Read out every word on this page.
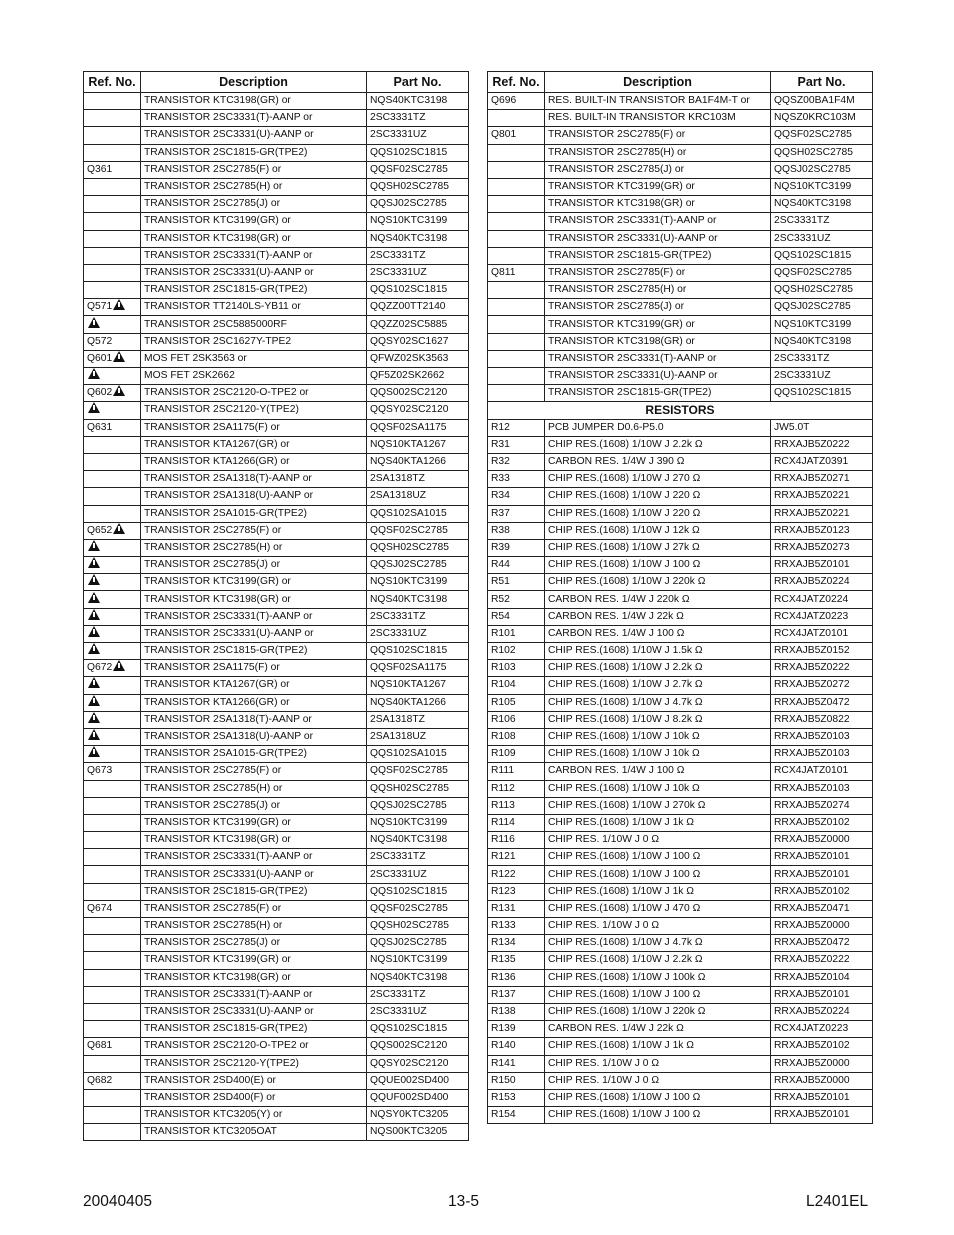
Ref. No.	Description	Part No.
	TRANSISTOR KTC3198(GR) or	NQS40KTC3198
	TRANSISTOR 2SC3331(T)-AANP or	2SC3331TZ
	TRANSISTOR 2SC3331(U)-AANP or	2SC3331UZ
	TRANSISTOR 2SC1815-GR(TPE2)	QQS102SC1815
Q361	TRANSISTOR 2SC2785(F) or	QQSF02SC2785
	TRANSISTOR 2SC2785(H) or	QQSH02SC2785
	TRANSISTOR 2SC2785(J) or	QQSJ02SC2785
	TRANSISTOR KTC3199(GR) or	NQS10KTC3199
	TRANSISTOR KTC3198(GR) or	NQS40KTC3198
	TRANSISTOR 2SC3331(T)-AANP or	2SC3331TZ
	TRANSISTOR 2SC3331(U)-AANP or	2SC3331UZ
	TRANSISTOR 2SC1815-GR(TPE2)	QQS102SC1815
Q571	TRANSISTOR TT2140LS-YB11 or	QQZZ00TT2140
	TRANSISTOR 2SC5885000RF	QQZZ02SC5885
Q572	TRANSISTOR 2SC1627Y-TPE2	QQSY02SC1627
Q601	MOS FET 2SK3563 or	QFWZ02SK3563
	MOS FET 2SK2662	QF5Z02SK2662
Q602	TRANSISTOR 2SC2120-O-TPE2 or	QQS002SC2120
	TRANSISTOR 2SC2120-Y(TPE2)	QQSY02SC2120
Q631	TRANSISTOR 2SA1175(F) or	QQSF02SA1175
	TRANSISTOR KTA1267(GR) or	NQS10KTA1267
	TRANSISTOR KTA1266(GR) or	NQS40KTA1266
	TRANSISTOR 2SA1318(T)-AANP or	2SA1318TZ
	TRANSISTOR 2SA1318(U)-AANP or	2SA1318UZ
	TRANSISTOR 2SA1015-GR(TPE2)	QQS102SA1015
Q652	TRANSISTOR 2SC2785(F) or	QQSF02SC2785
	TRANSISTOR 2SC2785(H) or	QQSH02SC2785
	TRANSISTOR 2SC2785(J) or	QQSJ02SC2785
	TRANSISTOR KTC3199(GR) or	NQS10KTC3199
	TRANSISTOR KTC3198(GR) or	NQS40KTC3198
	TRANSISTOR 2SC3331(T)-AANP or	2SC3331TZ
	TRANSISTOR 2SC3331(U)-AANP or	2SC3331UZ
	TRANSISTOR 2SC1815-GR(TPE2)	QQS102SC1815
Q672	TRANSISTOR 2SA1175(F) or	QQSF02SA1175
	TRANSISTOR KTA1267(GR) or	NQS10KTA1267
	TRANSISTOR KTA1266(GR) or	NQS40KTA1266
	TRANSISTOR 2SA1318(T)-AANP or	2SA1318TZ
	TRANSISTOR 2SA1318(U)-AANP or	2SA1318UZ
	TRANSISTOR 2SA1015-GR(TPE2)	QQS102SA1015
Q673	TRANSISTOR 2SC2785(F) or	QQSF02SC2785
	TRANSISTOR 2SC2785(H) or	QQSH02SC2785
	TRANSISTOR 2SC2785(J) or	QQSJ02SC2785
	TRANSISTOR KTC3199(GR) or	NQS10KTC3199
	TRANSISTOR KTC3198(GR) or	NQS40KTC3198
	TRANSISTOR 2SC3331(T)-AANP or	2SC3331TZ
	TRANSISTOR 2SC3331(U)-AANP or	2SC3331UZ
	TRANSISTOR 2SC1815-GR(TPE2)	QQS102SC1815
Q674	TRANSISTOR 2SC2785(F) or	QQSF02SC2785
	TRANSISTOR 2SC2785(H) or	QQSH02SC2785
	TRANSISTOR 2SC2785(J) or	QQSJ02SC2785
	TRANSISTOR KTC3199(GR) or	NQS10KTC3199
	TRANSISTOR KTC3198(GR) or	NQS40KTC3198
	TRANSISTOR 2SC3331(T)-AANP or	2SC3331TZ
	TRANSISTOR 2SC3331(U)-AANP or	2SC3331UZ
	TRANSISTOR 2SC1815-GR(TPE2)	QQS102SC1815
Q681	TRANSISTOR 2SC2120-O-TPE2 or	QQS002SC2120
	TRANSISTOR 2SC2120-Y(TPE2)	QQSY02SC2120
Q682	TRANSISTOR 2SD400(E) or	QQUE002SD400
	TRANSISTOR 2SD400(F) or	QQUF002SD400
	TRANSISTOR KTC3205(Y) or	NQSY0KTC3205
	TRANSISTOR KTC3205OAT	NQS00KTC3205
Ref. No.	Description	Part No.
Q696	RES. BUILT-IN TRANSISTOR BA1F4M-T or	QQSZ00BA1F4M
	RES. BUILT-IN TRANSISTOR KRC103M	NQSZ0KRC103M
Q801	TRANSISTOR 2SC2785(F) or	QQSF02SC2785
	TRANSISTOR 2SC2785(H) or	QQSH02SC2785
	TRANSISTOR 2SC2785(J) or	QQSJ02SC2785
	TRANSISTOR KTC3199(GR) or	NQS10KTC3199
	TRANSISTOR KTC3198(GR) or	NQS40KTC3198
	TRANSISTOR 2SC3331(T)-AANP or	2SC3331TZ
	TRANSISTOR 2SC3331(U)-AANP or	2SC3331UZ
	TRANSISTOR 2SC1815-GR(TPE2)	QQS102SC1815
Q811	TRANSISTOR 2SC2785(F) or	QQSF02SC2785
	TRANSISTOR 2SC2785(H) or	QQSH02SC2785
	TRANSISTOR 2SC2785(J) or	QQSJ02SC2785
	TRANSISTOR KTC3199(GR) or	NQS10KTC3199
	TRANSISTOR KTC3198(GR) or	NQS40KTC3198
	TRANSISTOR 2SC3331(T)-AANP or	2SC3331TZ
	TRANSISTOR 2SC3331(U)-AANP or	2SC3331UZ
	TRANSISTOR 2SC1815-GR(TPE2)	QQS102SC1815
RESISTORS		
R12	PCB JUMPER D0.6-P5.0	JW5.0T
R31	CHIP RES.(1608) 1/10W J 2.2k Ω	RRXAJB5Z0222
R32	CARBON RES. 1/4W J 390 Ω	RCX4JATZ0391
R33	CHIP RES.(1608) 1/10W J 270 Ω	RRXAJB5Z0271
R34	CHIP RES.(1608) 1/10W J 220 Ω	RRXAJB5Z0221
R37	CHIP RES.(1608) 1/10W J 220 Ω	RRXAJB5Z0221
R38	CHIP RES.(1608) 1/10W J 12k Ω	RRXAJB5Z0123
R39	CHIP RES.(1608) 1/10W J 27k Ω	RRXAJB5Z0273
R44	CHIP RES.(1608) 1/10W J 100 Ω	RRXAJB5Z0101
R51	CHIP RES.(1608) 1/10W J 220k Ω	RRXAJB5Z0224
R52	CARBON RES. 1/4W J 220k Ω	RCX4JATZ0224
R54	CARBON RES. 1/4W J 22k Ω	RCX4JATZ0223
R101	CARBON RES. 1/4W J 100 Ω	RCX4JATZ0101
R102	CHIP RES.(1608) 1/10W J 1.5k Ω	RRXAJB5Z0152
R103	CHIP RES.(1608) 1/10W J 2.2k Ω	RRXAJB5Z0222
R104	CHIP RES.(1608) 1/10W J 2.7k Ω	RRXAJB5Z0272
R105	CHIP RES.(1608) 1/10W J 4.7k Ω	RRXAJB5Z0472
R106	CHIP RES.(1608) 1/10W J 8.2k Ω	RRXAJB5Z0822
R108	CHIP RES.(1608) 1/10W J 10k Ω	RRXAJB5Z0103
R109	CHIP RES.(1608) 1/10W J 10k Ω	RRXAJB5Z0103
R111	CARBON RES. 1/4W J 100 Ω	RCX4JATZ0101
R112	CHIP RES.(1608) 1/10W J 10k Ω	RRXAJB5Z0103
R113	CHIP RES.(1608) 1/10W J 270k Ω	RRXAJB5Z0274
R114	CHIP RES.(1608) 1/10W J 1k Ω	RRXAJB5Z0102
R116	CHIP RES. 1/10W J 0 Ω	RRXAJB5Z0000
R121	CHIP RES.(1608) 1/10W J 100 Ω	RRXAJB5Z0101
R122	CHIP RES.(1608) 1/10W J 100 Ω	RRXAJB5Z0101
R123	CHIP RES.(1608) 1/10W J 1k Ω	RRXAJB5Z0102
R131	CHIP RES.(1608) 1/10W J 470 Ω	RRXAJB5Z0471
R133	CHIP RES. 1/10W J 0 Ω	RRXAJB5Z0000
R134	CHIP RES.(1608) 1/10W J 4.7k Ω	RRXAJB5Z0472
R135	CHIP RES.(1608) 1/10W J 2.2k Ω	RRXAJB5Z0222
R136	CHIP RES.(1608) 1/10W J 100k Ω	RRXAJB5Z0104
R137	CHIP RES.(1608) 1/10W J 100 Ω	RRXAJB5Z0101
R138	CHIP RES.(1608) 1/10W J 220k Ω	RRXAJB5Z0224
R139	CARBON RES. 1/4W J 22k Ω	RCX4JATZ0223
R140	CHIP RES.(1608) 1/10W J 1k Ω	RRXAJB5Z0102
R141	CHIP RES. 1/10W J 0 Ω	RRXAJB5Z0000
R150	CHIP RES. 1/10W J 0 Ω	RRXAJB5Z0000
R153	CHIP RES.(1608) 1/10W J 100 Ω	RRXAJB5Z0101
R154	CHIP RES.(1608) 1/10W J 100 Ω	RRXAJB5Z0101
20040405	13-5	L2401EL
